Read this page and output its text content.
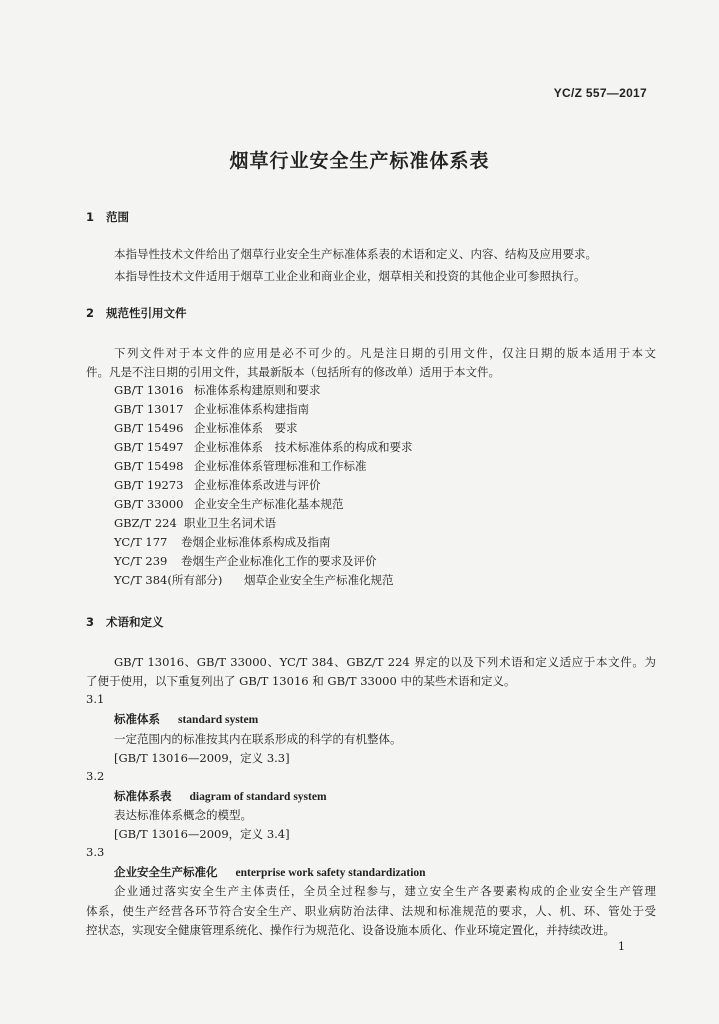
YC/Z 557—2017
烟草行业安全生产标准体系表
1 范围
本指导性技术文件给出了烟草行业安全生产标准体系表的术语和定义、内容、结构及应用要求。
本指导性技术文件适用于烟草工业企业和商业企业，烟草相关和投资的其他企业可参照执行。
2 规范性引用文件
下列文件对于本文件的应用是必不可少的。凡是注日期的引用文件，仅注日期的版本适用于本文
件。凡是不注日期的引用文件，其最新版本（包括所有的修改单）适用于本文件。
GB/T 13016 标准体系构建原则和要求
GB/T 13017 企业标准体系构建指南
GB/T 15496 企业标准体系　要求
GB/T 15497 企业标准体系　技术标准体系的构成和要求
GB/T 15498 企业标准体系管理标准和工作标准
GB/T 19273 企业标准体系改进与评价
GB/T 33000 企业安全生产标准化基本规范
GBZ/T 224 职业卫生名词术语
YC/T 177 卷烟企业标准体系构成及指南
YC/T 239 卷烟生产企业标准化工作的要求及评价
YC/T 384(所有部分) 烟草企业安全生产标准化规范
3 术语和定义
GB/T 13016、GB/T 33000、YC/T 384、GBZ/T 224 界定的以及下列术语和定义适应于本文件。为
了便于使用，以下重复列出了 GB/T 13016 和 GB/T 33000 中的某些术语和定义。
3.1
标准体系 standard system
一定范围内的标准按其内在联系形成的科学的有机整体。
[GB/T 13016—2009，定义 3.3]
3.2
标准体系表 diagram of standard system
表达标准体系概念的模型。
[GB/T 13016—2009，定义 3.4]
3.3
企业安全生产标准化 enterprise work safety standardization
企业通过落实安全生产主体责任，全员全过程参与，建立安全生产各要素构成的企业安全生产管理
体系，使生产经营各环节符合安全生产、职业病防治法律、法规和标准规范的要求，人、机、环、管处于受
控状态，实现安全健康管理系统化、操作行为规范化、设备设施本质化、作业环境定置化，并持续改进。
1
